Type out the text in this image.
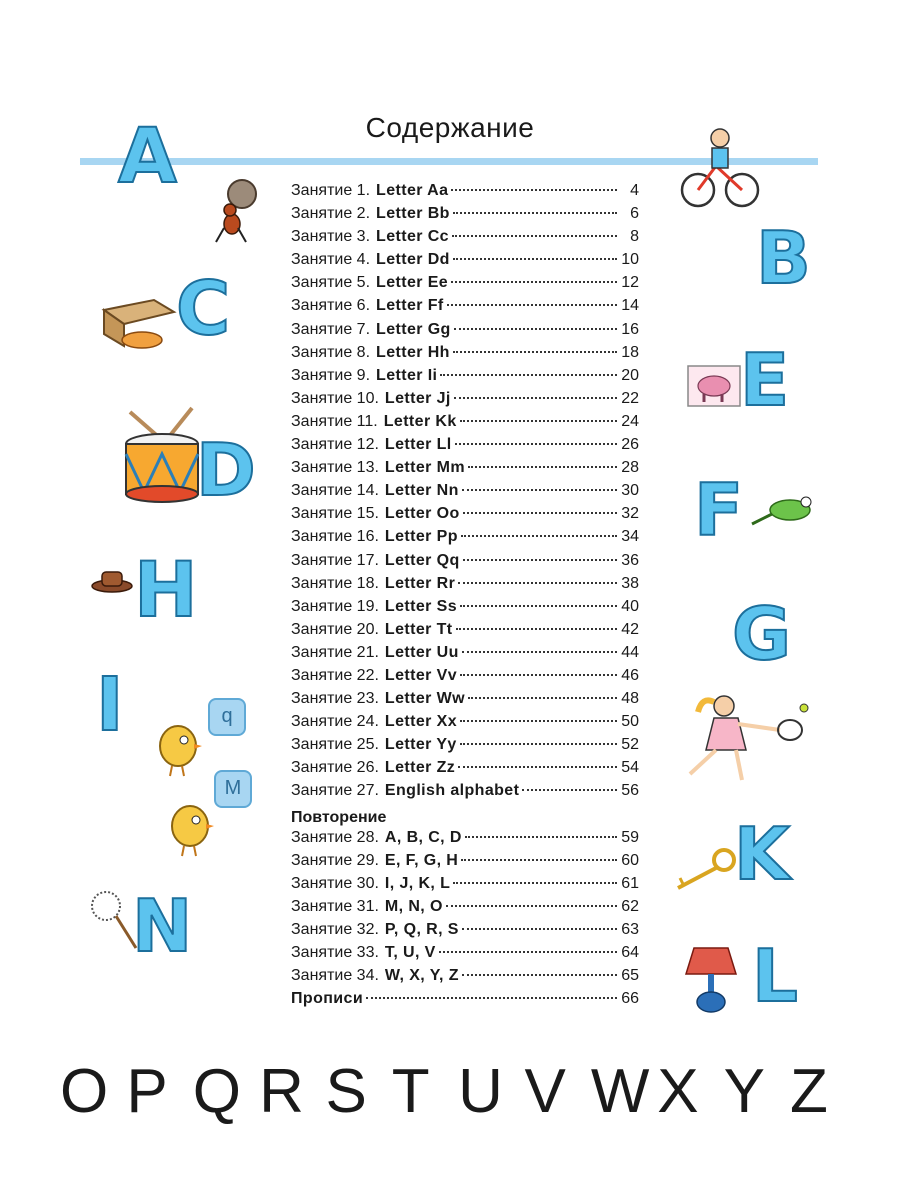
Содержание
Занятие 1. Letter Aa	4
Занятие 2. Letter Bb	6
Занятие 3. Letter Cc	8
Занятие 4. Letter Dd	10
Занятие 5. Letter Ee	12
Занятие 6. Letter Ff	14
Занятие 7. Letter Gg	16
Занятие 8. Letter Hh	18
Занятие 9. Letter Ii	20
Занятие 10. Letter Jj	22
Занятие 11. Letter Kk	24
Занятие 12. Letter Ll	26
Занятие 13. Letter Mm	28
Занятие 14. Letter Nn	30
Занятие 15. Letter Oo	32
Занятие 16. Letter Pp	34
Занятие 17. Letter Qq	36
Занятие 18. Letter Rr	38
Занятие 19. Letter Ss	40
Занятие 20. Letter Tt	42
Занятие 21. Letter Uu	44
Занятие 22. Letter Vv	46
Занятие 23. Letter Ww	48
Занятие 24. Letter Xx	50
Занятие 25. Letter Yy	52
Занятие 26. Letter Zz	54
Занятие 27. English alphabet	56
Повторение
Занятие 28. A, B, C, D	59
Занятие 29. E, F, G, H	60
Занятие 30. I, J, K, L	61
Занятие 31. M, N, O	62
Занятие 32. P, Q, R, S	63
Занятие 33. T, U, V	64
Занятие 34. W, X, Y, Z	65
Прописи	66
A
C
D
H
I	q
M
N
B
E
F
G
K
L
O P Q R S T U V W X Y Z
